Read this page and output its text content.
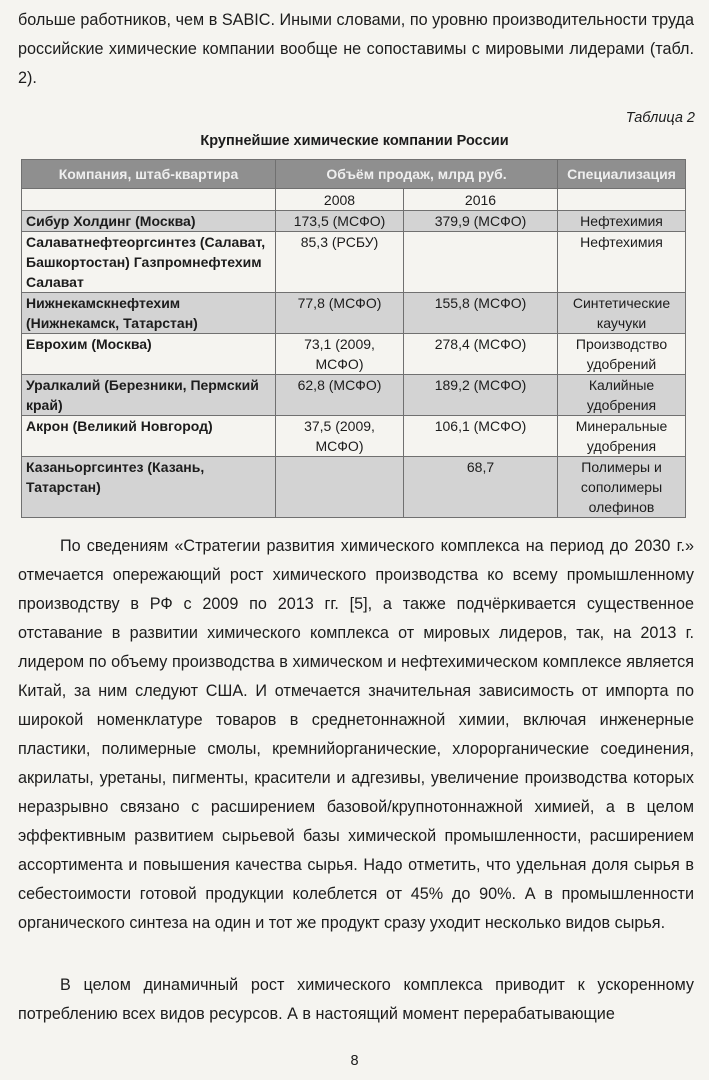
больше работников, чем в SABIC. Иными словами, по уровню производительности труда российские химические компании вообще не сопоставимы с мировыми лидерами (табл. 2).

Таблица 2
Крупнейшие химические компании России
Компания, штаб-квартира	Объём продаж, млрд руб.		Специализация
	2008	2016	
Сибур Холдинг (Москва)	173,5 (МСФО)	379,9 (МСФО)	Нефтехимия
Салаватнефтеоргсинтез (Салават, Башкортостан) Газпромнефтехим Салават	85,3 (РСБУ)		Нефтехимия
Нижнекамскнефтехим (Нижнекамск, Татарстан)	77,8 (МСФО)	155,8 (МСФО)	Синтетические каучуки
Еврохим (Москва)	73,1 (2009, МСФО)	278,4 (МСФО)	Производство удобрений
Уралкалий (Березники, Пермский край)	62,8 (МСФО)	189,2 (МСФО)	Калийные удобрения
Акрон (Великий Новгород)	37,5 (2009, МСФО)	106,1 (МСФО)	Минеральные удобрения
Казаньоргсинтез (Казань, Татарстан)		68,7	Полимеры и сополимеры олефинов

По сведениям «Стратегии развития химического комплекса на период до 2030 г.» отмечается опережающий рост химического производства ко всему промышленному производству в РФ с 2009 по 2013 гг. [5], а также подчёркивается существенное отставание в развитии химического комплекса от мировых лидеров, так, на 2013 г. лидером по объему производства в химическом и нефтехимическом комплексе является Китай, за ним следуют США. И отмечается значительная зависимость от импорта по широкой номенклатуре товаров в среднетоннажной химии, включая инженерные пластики, полимерные смолы, кремнийорганические, хлорорганические соединения, акрилаты, уретаны, пигменты, красители и адгезивы, увеличение производства которых неразрывно связано с расширением базовой/крупнотоннажной химией, а в целом эффективным развитием сырьевой базы химической промышленности, расширением ассортимента и повышения качества сырья. Надо отметить, что удельная доля сырья в себестоимости готовой продукции колеблется от 45% до 90%. А в промышленности органического синтеза на один и тот же продукт сразу уходит несколько видов сырья.

В целом динамичный рост химического комплекса приводит к ускоренному потреблению всех видов ресурсов. А в настоящий момент перерабатывающие

8
